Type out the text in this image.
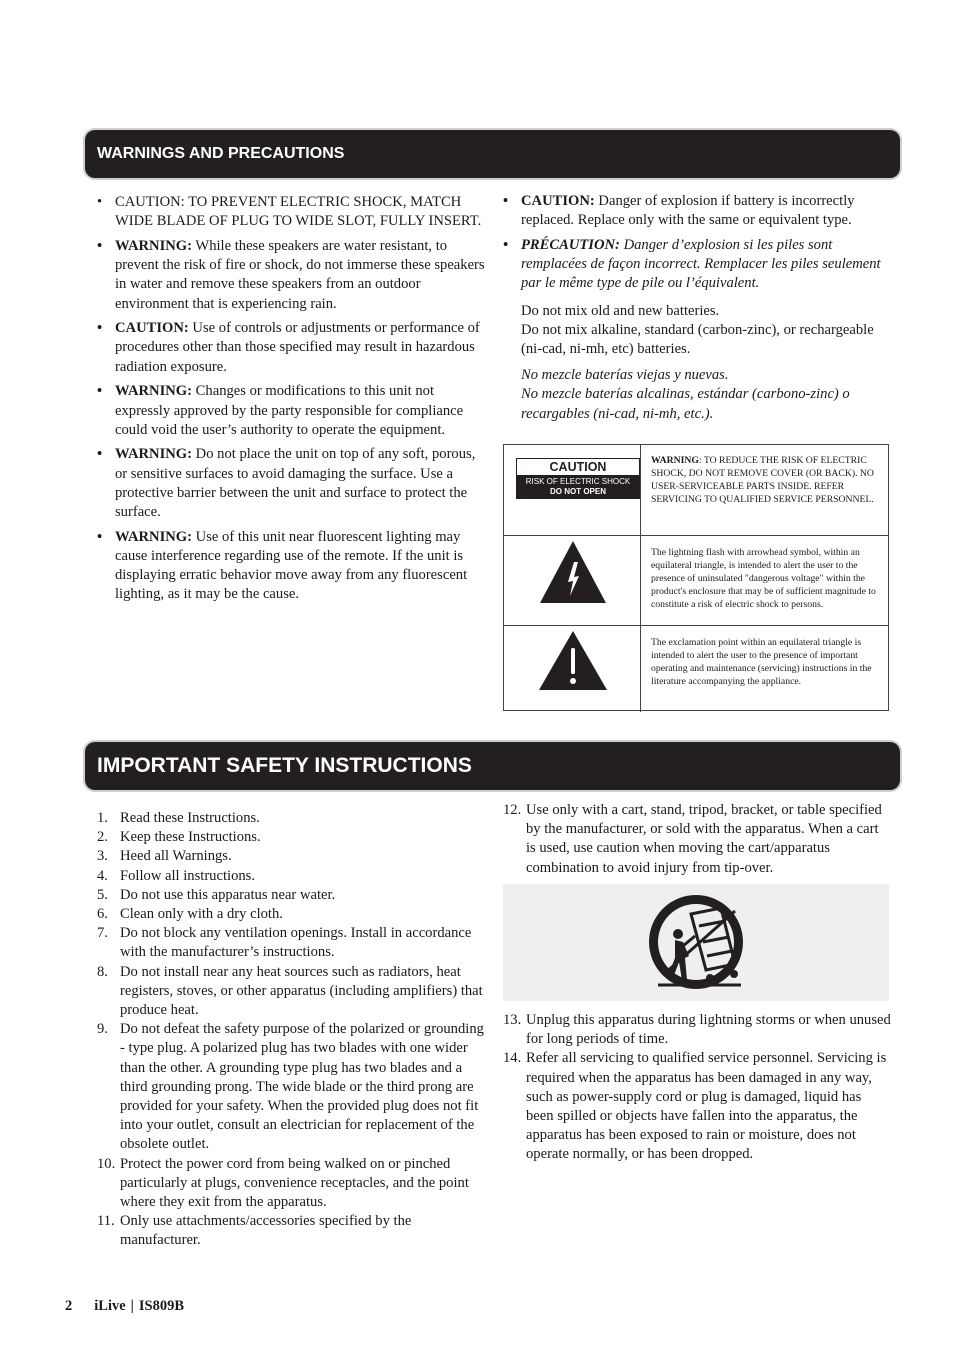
WARNINGS AND PRECAUTIONS
• CAUTION: TO PREVENT ELECTRIC SHOCK, MATCH WIDE BLADE OF PLUG TO WIDE SLOT, FULLY INSERT.
• WARNING: While these speakers are water resistant, to prevent the risk of fire or shock, do not immerse these speakers in water and remove these speakers from an outdoor environment that is experiencing rain.
• CAUTION: Use of controls or adjustments or performance of procedures other than those specified may result in hazardous radiation exposure.
• WARNING: Changes or modifications to this unit not expressly approved by the party responsible for compliance could void the user’s authority to operate the equipment.
• WARNING: Do not place the unit on top of any soft, porous, or sensitive surfaces to avoid damaging the surface. Use a protective barrier between the unit and surface to protect the surface.
• WARNING: Use of this unit near fluorescent lighting may cause interference regarding use of the remote. If the unit is displaying erratic behavior move away from any fluorescent lighting, as it may be the cause.
• CAUTION: Danger of explosion if battery is incorrectly replaced. Replace only with the same or equivalent type.
• PRÉCAUTION: Danger d’explosion si les piles sont remplacées de façon incorrect. Remplacer les piles seulement par le même type de pile ou l’équivalent.

Do not mix old and new batteries.
Do not mix alkaline, standard (carbon-zinc), or rechargeable (ni-cad, ni-mh, etc) batteries.

No mezcle baterías viejas y nuevas.
No mezcle baterías alcalinas, estándar (carbono-zinc) o recargables (ni-cad, ni-mh, etc.).

CAUTION
RISK OF ELECTRIC SHOCK
DO NOT OPEN
WARNING: TO REDUCE THE RISK OF ELECTRIC SHOCK, DO NOT REMOVE COVER (OR BACK). NO USER-SERVICEABLE PARTS INSIDE. REFER SERVICING TO QUALIFIED SERVICE PERSONNEL.
The lightning flash with arrowhead symbol, within an equilateral triangle, is intended to alert the user to the presence of uninsulated "dangerous voltage" within the product's enclosure that may be of sufficient magnitude to constitute a risk of electric shock to persons.
The exclamation point within an equilateral triangle is intended to alert the user to the presence of important operating and maintenance (servicing) instructions in the literature accompanying the appliance.
IMPORTANT SAFETY INSTRUCTIONS
1. Read these Instructions.
2. Keep these Instructions.
3. Heed all Warnings.
4. Follow all instructions.
5. Do not use this apparatus near water.
6. Clean only with a dry cloth.
7. Do not block any ventilation openings. Install in accordance with the manufacturer’s instructions.
8. Do not install near any heat sources such as radiators, heat registers, stoves, or other apparatus (including amplifiers) that produce heat.
9. Do not defeat the safety purpose of the polarized or grounding - type plug. A polarized plug has two blades with one wider than the other. A grounding type plug has two blades and a third grounding prong. The wide blade or the third prong are provided for your safety. When the provided plug does not fit into your outlet, consult an electrician for replacement of the obsolete outlet.
10. Protect the power cord from being walked on or pinched particularly at plugs, convenience receptacles, and the point where they exit from the apparatus.
11. Only use attachments/accessories specified by the manufacturer.
12. Use only with a cart, stand, tripod, bracket, or table specified by the manufacturer, or sold with the apparatus. When a cart is used, use caution when moving the cart/apparatus combination to avoid injury from tip-over.
13. Unplug this apparatus during lightning storms or when unused for long periods of time.
14. Refer all servicing to qualified service personnel. Servicing is required when the apparatus has been damaged in any way, such as power-supply cord or plug is damaged, liquid has been spilled or objects have fallen into the apparatus, the apparatus has been exposed to rain or moisture, does not operate normally, or has been dropped.
2 iLive | IS809B
